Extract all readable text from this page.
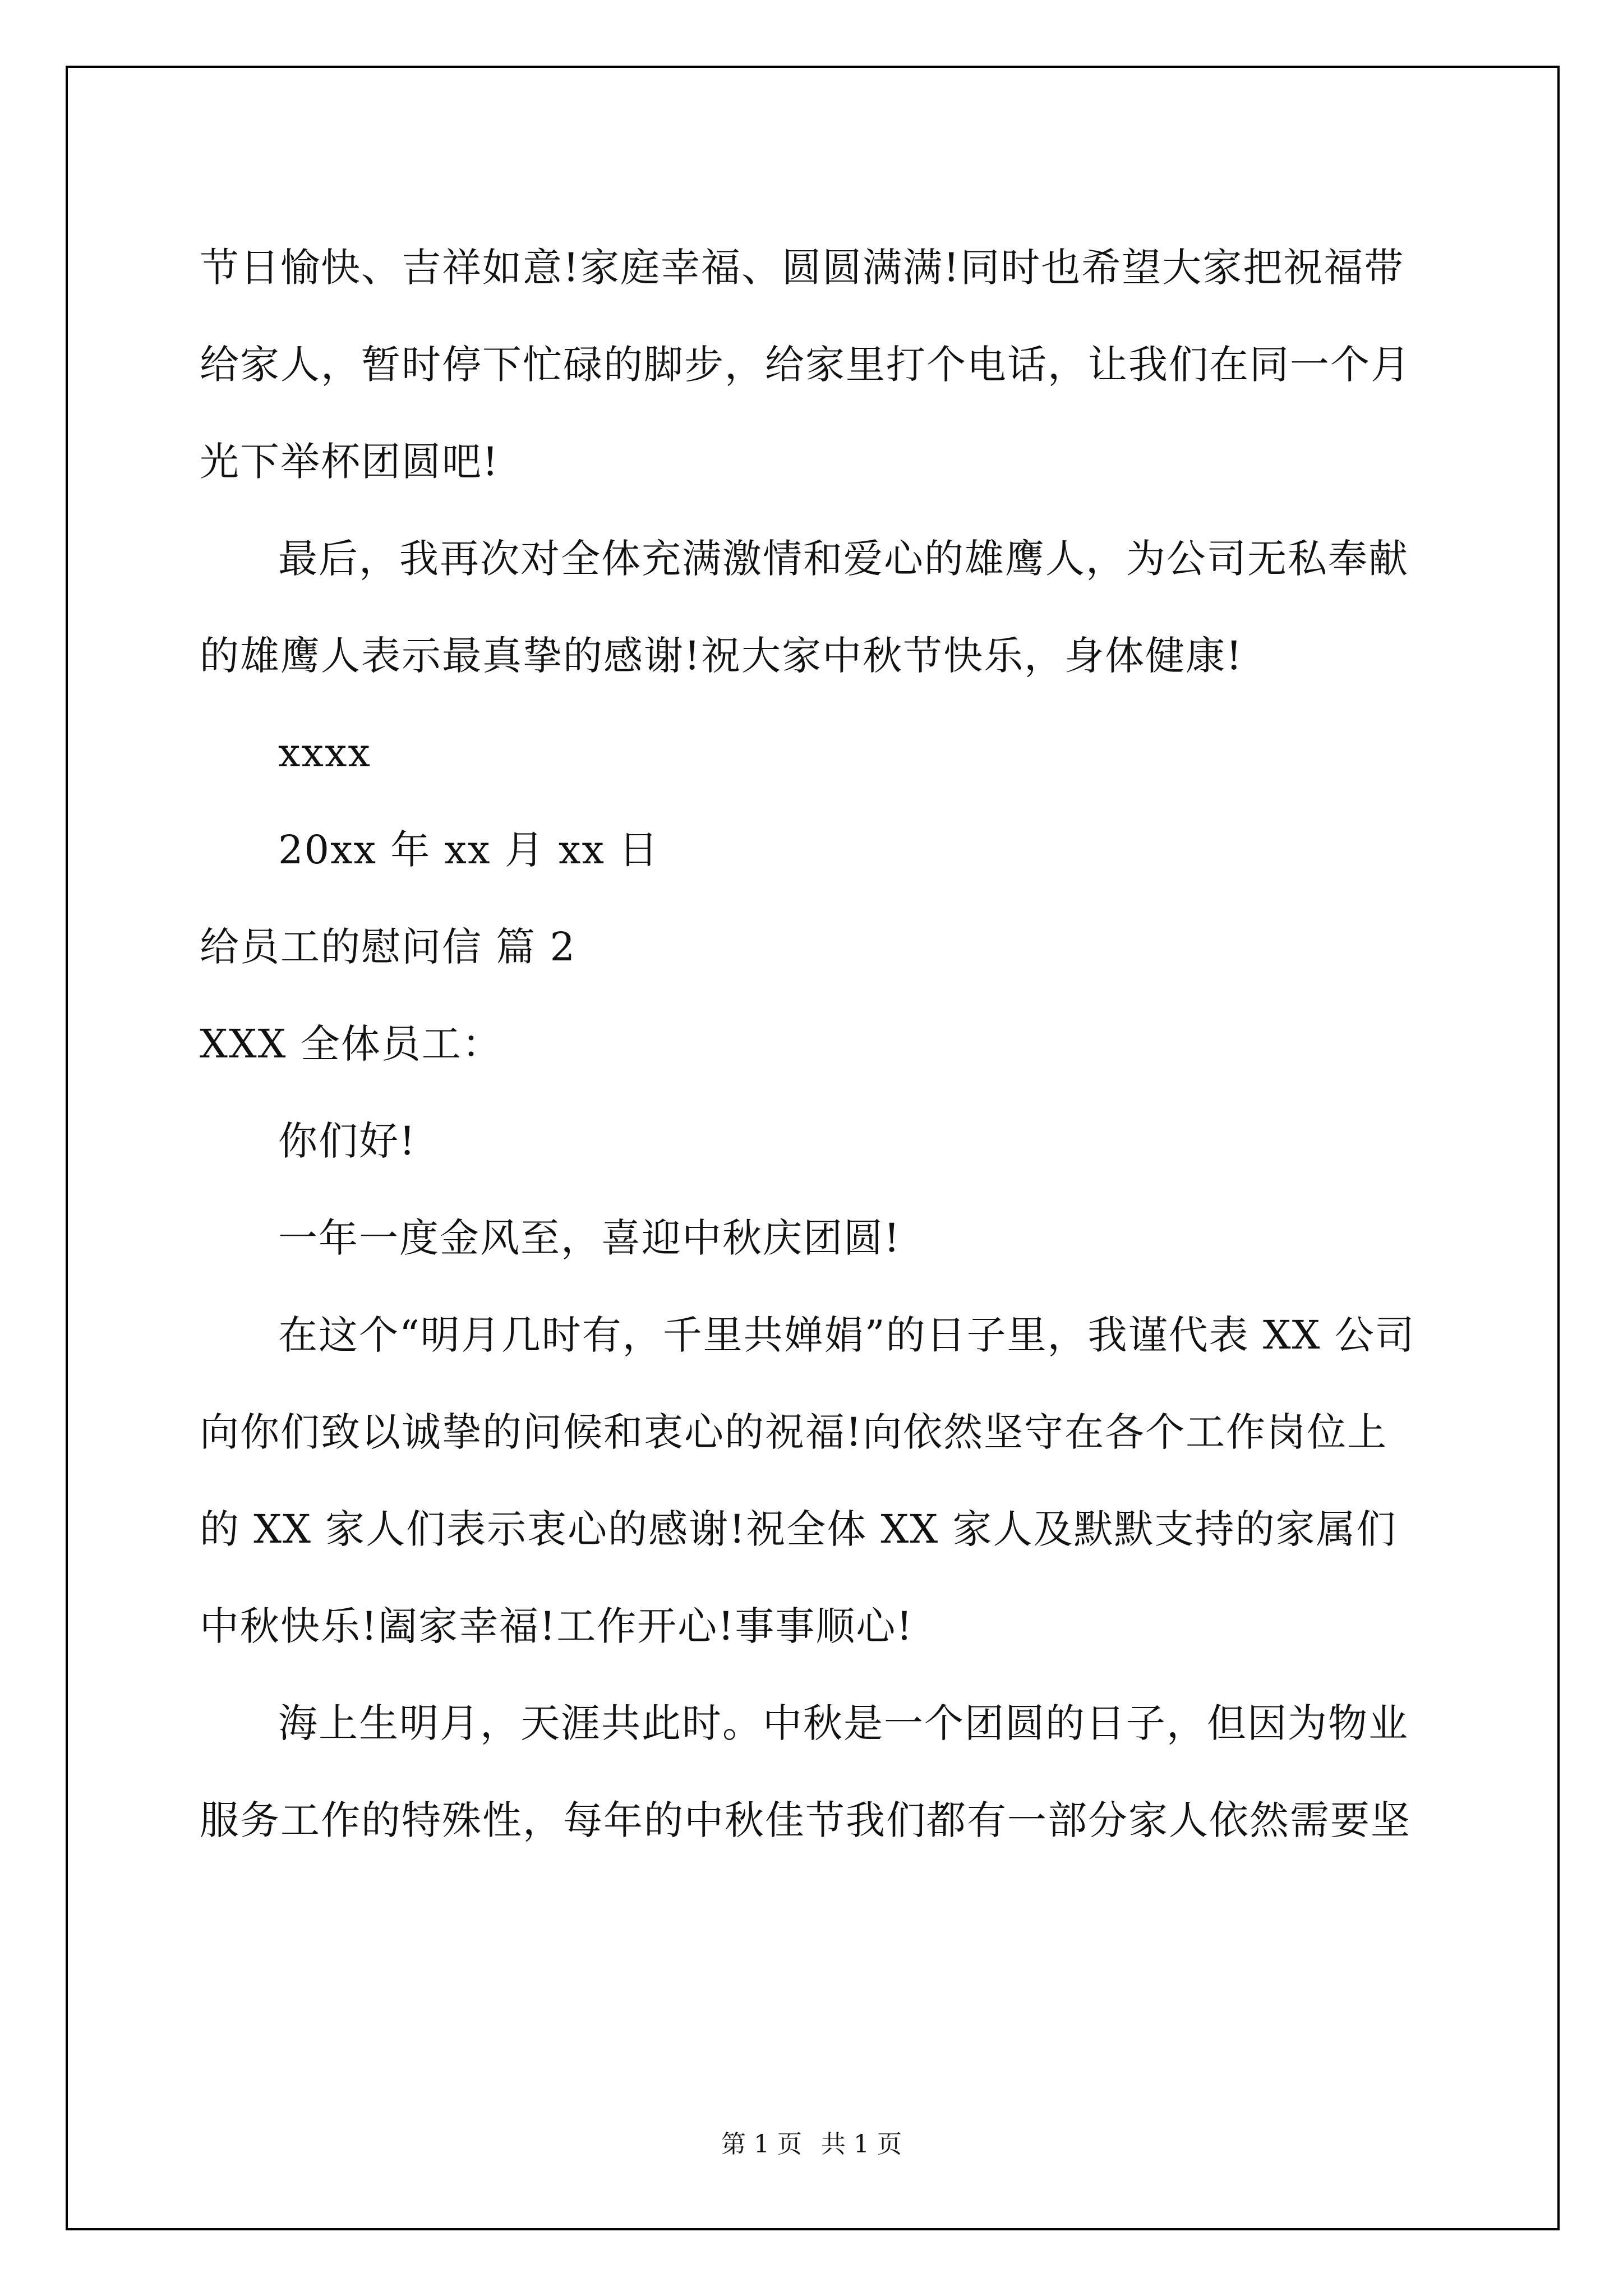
节日愉快、吉祥如意!家庭幸福、圆圆满满!同时也希望大家把祝福带给家人，暂时停下忙碌的脚步，给家里打个电话，让我们在同一个月光下举杯团圆吧!

最后，我再次对全体充满激情和爱心的雄鹰人，为公司无私奉献的雄鹰人表示最真挚的感谢!祝大家中秋节快乐，身体健康!

xxxx

20xx 年 xx 月 xx 日

给员工的慰问信 篇 2

XXX 全体员工：

你们好!

一年一度金风至，喜迎中秋庆团圆!

在这个“明月几时有，千里共婵娟”的日子里，我谨代表 XX 公司向你们致以诚挚的问候和衷心的祝福!向依然坚守在各个工作岗位上的 XX 家人们表示衷心的感谢!祝全体 XX 家人及默默支持的家属们中秋快乐!阖家幸福!工作开心!事事顺心!

海上生明月，天涯共此时。中秋是一个团圆的日子，但因为物业服务工作的特殊性，每年的中秋佳节我们都有一部分家人依然需要坚

第 1 页 共 1 页
